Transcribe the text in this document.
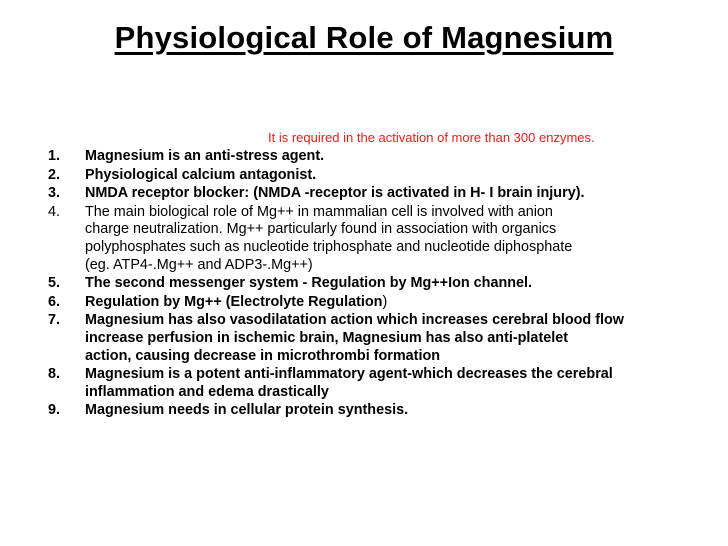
Physiological Role of Magnesium
It is required in the activation of more than 300 enzymes.
1.	Magnesium is an anti-stress agent.
2.	Physiological calcium antagonist.
3.	NMDA receptor blocker: (NMDA -receptor is activated in H- I brain injury).
4.	The main biological role of Mg++ in mammalian cell is involved with anion
charge neutralization. Mg++ particularly found in association with organics
polyphosphates such as nucleotide triphosphate and nucleotide diphosphate
(eg. ATP4-.Mg++ and ADP3-.Mg++)
5.	The second messenger system - Regulation by Mg++Ion channel.
6.	Regulation by Mg++ (Electrolyte Regulation)
7.	Magnesium has also vasodilatation action which increases cerebral blood flow
increase perfusion in ischemic brain, Magnesium has also anti-platelet
action, causing decrease in microthrombi formation
8.	Magnesium is a potent anti-inflammatory agent-which decreases the cerebral
inflammation and edema drastically
9.	Magnesium needs in cellular protein synthesis.
